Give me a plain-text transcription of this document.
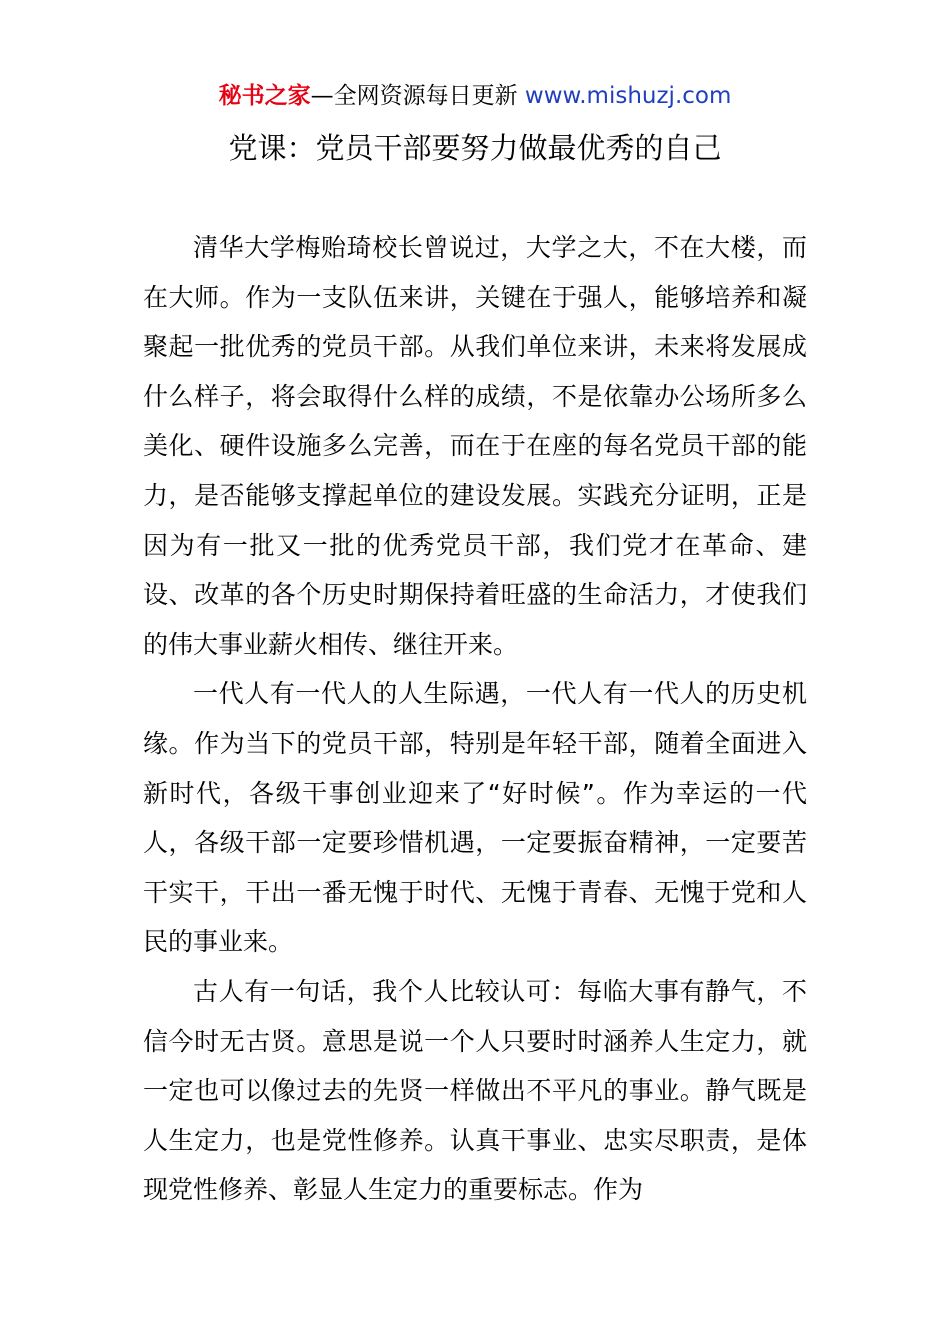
秘书之家—全网资源每日更新 www.mishuzj.com
党课：党员干部要努力做最优秀的自己

清华大学梅贻琦校长曾说过，大学之大，不在大楼，而在大师。作为一支队伍来讲，关键在于强人，能够培养和凝聚起一批优秀的党员干部。从我们单位来讲，未来将发展成什么样子，将会取得什么样的成绩，不是依靠办公场所多么美化、硬件设施多么完善，而在于在座的每名党员干部的能力，是否能够支撑起单位的建设发展。实践充分证明，正是因为有一批又一批的优秀党员干部，我们党才在革命、建设、改革的各个历史时期保持着旺盛的生命活力，才使我们的伟大事业薪火相传、继往开来。

一代人有一代人的人生际遇，一代人有一代人的历史机缘。作为当下的党员干部，特别是年轻干部，随着全面进入新时代，各级干事创业迎来了“好时候”。作为幸运的一代人，各级干部一定要珍惜机遇，一定要振奋精神，一定要苦干实干，干出一番无愧于时代、无愧于青春、无愧于党和人民的事业来。

古人有一句话，我个人比较认可：每临大事有静气，不信今时无古贤。意思是说一个人只要时时涵养人生定力，就一定也可以像过去的先贤一样做出不平凡的事业。静气既是人生定力，也是党性修养。认真干事业、忠实尽职责，是体现党性修养、彰显人生定力的重要标志。作为
